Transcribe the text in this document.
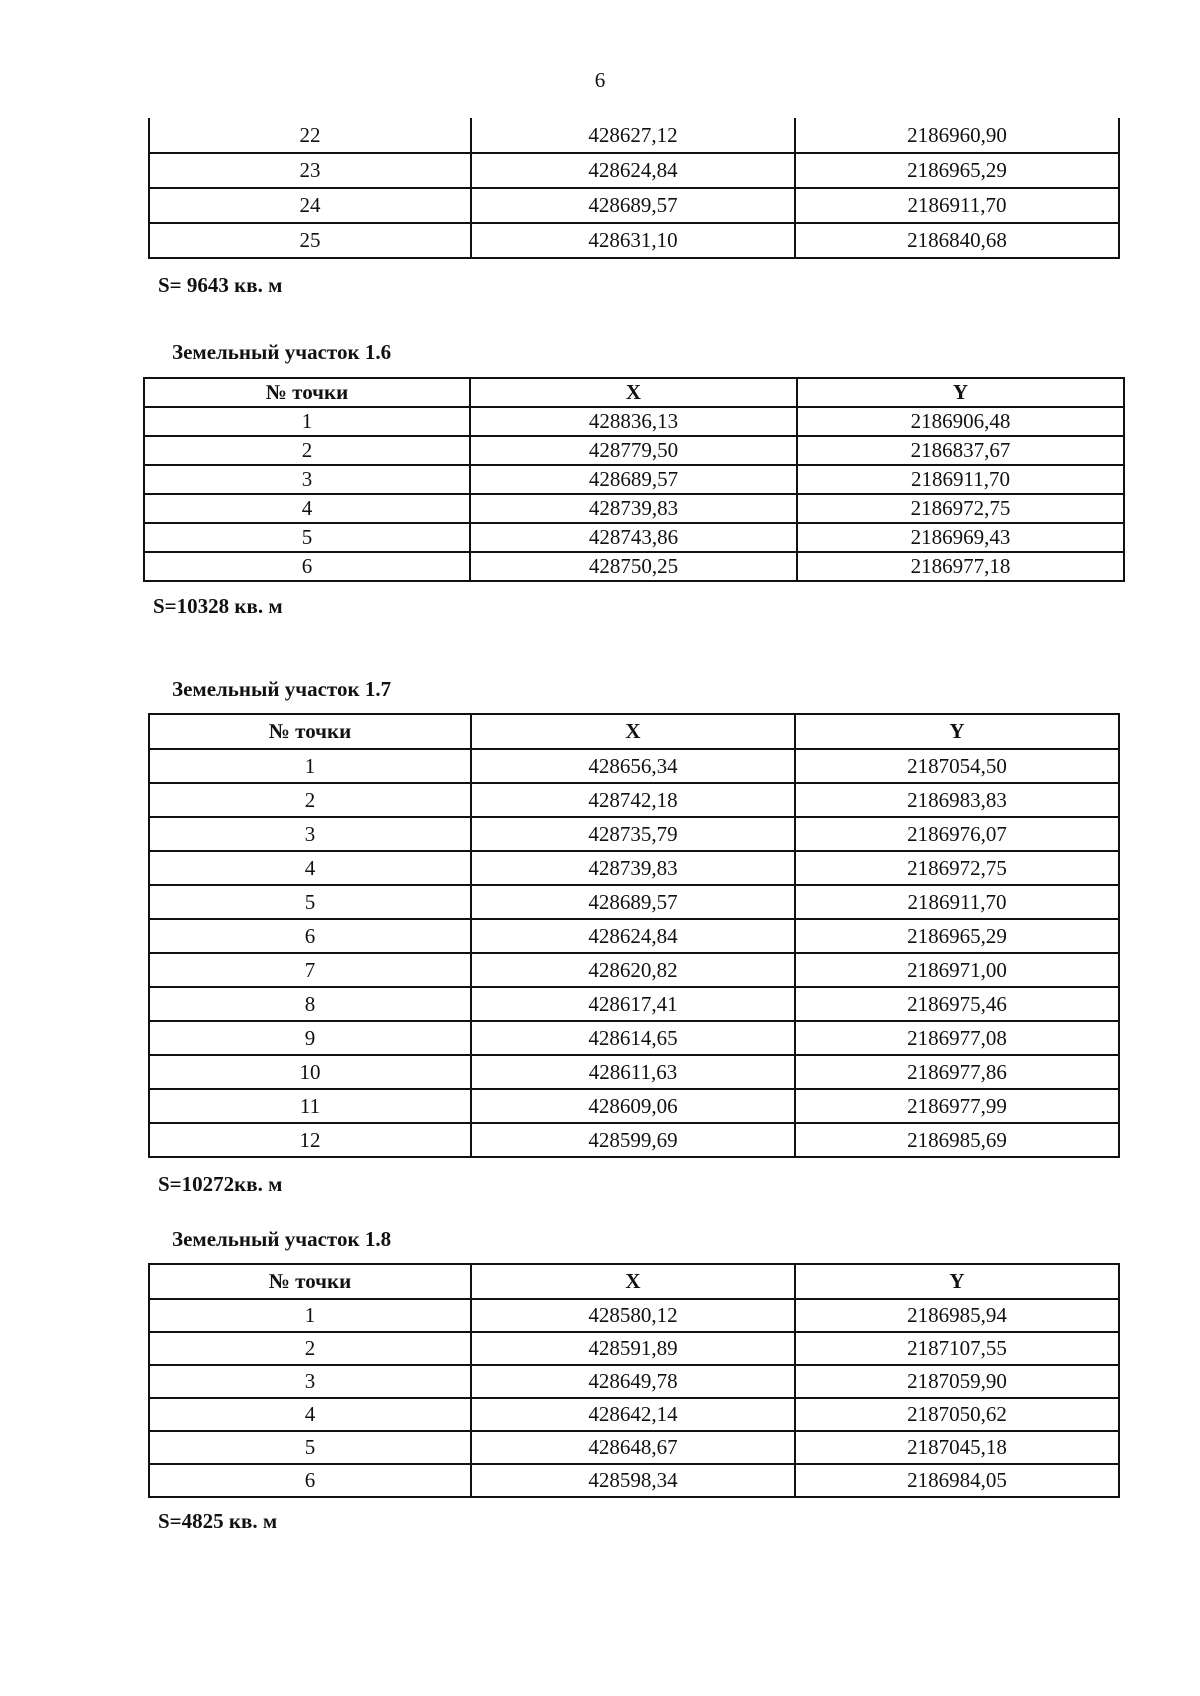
6
22	428627,12	2186960,90
23	428624,84	2186965,29
24	428689,57	2186911,70
25	428631,10	2186840,68
S= 9643 кв. м
Земельный участок 1.6
№ точки	X	Y
1	428836,13	2186906,48
2	428779,50	2186837,67
3	428689,57	2186911,70
4	428739,83	2186972,75
5	428743,86	2186969,43
6	428750,25	2186977,18
S=10328 кв. м
Земельный участок 1.7
№ точки	X	Y
1	428656,34	2187054,50
2	428742,18	2186983,83
3	428735,79	2186976,07
4	428739,83	2186972,75
5	428689,57	2186911,70
6	428624,84	2186965,29
7	428620,82	2186971,00
8	428617,41	2186975,46
9	428614,65	2186977,08
10	428611,63	2186977,86
11	428609,06	2186977,99
12	428599,69	2186985,69
S=10272кв. м
Земельный участок 1.8
№ точки	X	Y
1	428580,12	2186985,94
2	428591,89	2187107,55
3	428649,78	2187059,90
4	428642,14	2187050,62
5	428648,67	2187045,18
6	428598,34	2186984,05
S=4825 кв. м
